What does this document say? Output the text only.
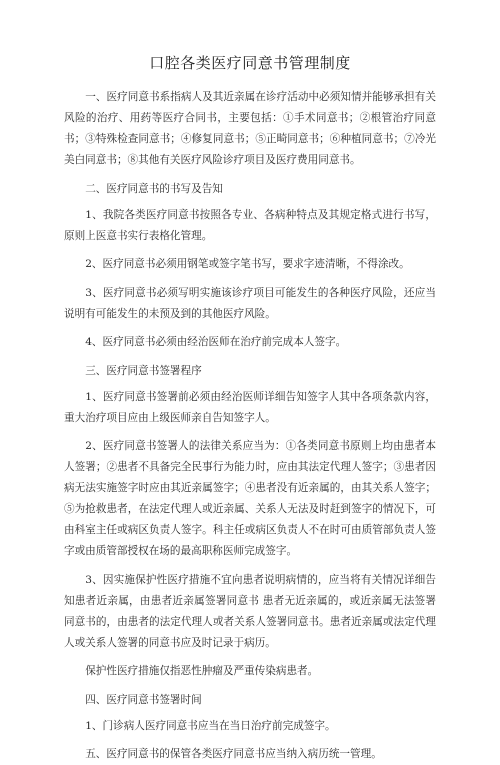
口腔各类医疗同意书管理制度

一、医疗同意书系指病人及其近亲属在诊疗活动中必须知情并能够承担有关风险的治疗、用药等医疗合同书，主要包括：①手术同意书；②根管治疗同意书；③特殊检查同意书；④修复同意书；⑤正畸同意书；⑥种植同意书；⑦冷光美白同意书；⑧其他有关医疗风险诊疗项目及医疗费用同意书。

二、医疗同意书的书写及告知

1、我院各类医疗同意书按照各专业、各病种特点及其规定格式进行书写，原则上医意书实行表格化管理。

2、医疗同意书必须用钢笔或签字笔书写，要求字迹清晰，不得涂改。

3、医疗同意书必须写明实施该诊疗项目可能发生的各种医疗风险，还应当说明有可能发生的未预及到的其他医疗风险。

4、医疗同意书必须由经治医师在治疗前完成本人签字。

三、医疗同意书签署程序

1、医疗同意书签署前必须由经治医师详细告知签字人其中各项条款内容，重大治疗项目应由上级医师亲自告知签字人。

2、医疗同意书签署人的法律关系应当为：①各类同意书原则上均由患者本人签署；②患者不具备完全民事行为能力时，应由其法定代理人签字；③患者因病无法实施签字时应由其近亲属签字；④患者没有近亲属的，由其关系人签字；⑤为抢救患者，在法定代理人或近亲属、关系人无法及时赶到签字的情况下，可由科室主任或病区负责人签字。科主任或病区负责人不在时可由质管部负责人签字或由质管部授权在场的最高职称医师完成签字。

3、因实施保护性医疗措施不宜向患者说明病情的，应当将有关情况详细告知患者近亲属，由患者近亲属签署同意书 患者无近亲属的，或近亲属无法签署同意书的，由患者的法定代理人或者关系人签署同意书。患者近亲属或法定代理人或关系人签署的同意书应及时记录于病历。

保护性医疗措施仅指恶性肿瘤及严重传染病患者。

四、医疗同意书签署时间

1、门诊病人医疗同意书应当在当日治疗前完成签字。

五、医疗同意书的保管各类医疗同意书应当纳入病历统一管理。
